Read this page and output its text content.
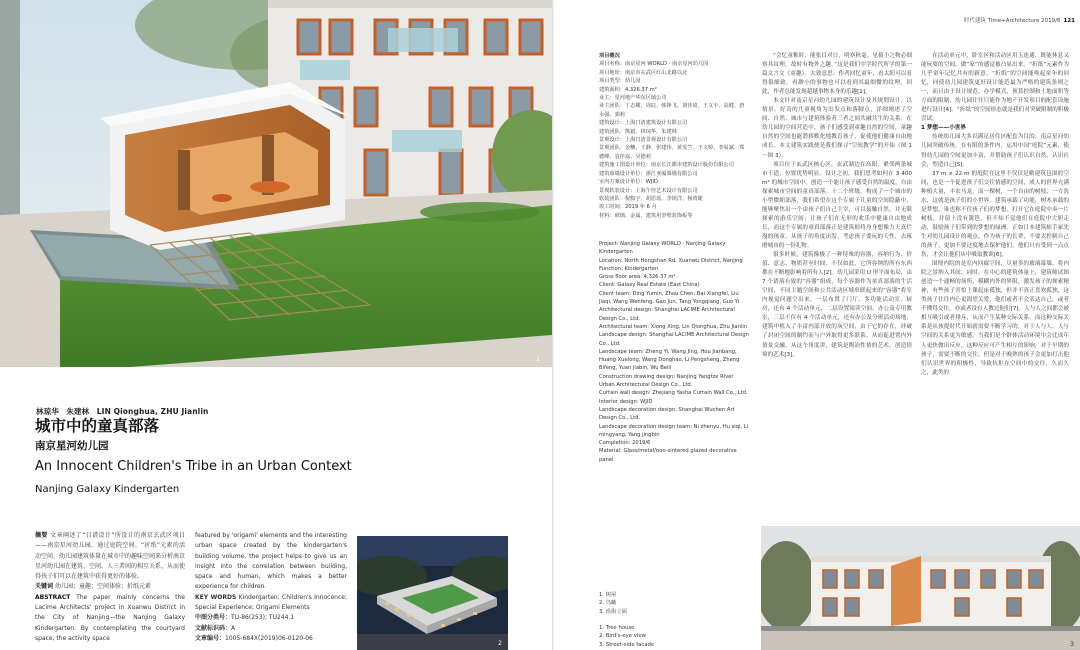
1
林琼华　朱建林　LIN Qionghua, ZHU Jianlin
城市中的童真部落
南京星河幼儿园
An Innocent Children's Tribe in an Urban Context
Nanjing Galaxy Kindergarten
摘要 文章阐述了“目谱设计”所设计的南京玄武区项目——南京星河幼儿园，通过庭院空间、“折纸”元素的活动空间、幼儿园建筑体量在城市中的趣味空间来分析南京星河幼儿园在建筑、空间、人三者间的相互关系，从而使得孩子们可以在建筑中获得更好的体验。
关键词 幼儿园；童趣；空间体验；折纸元素
ABSTRACT The paper mainly concerns the Lacime Architects' project in Xuanwu District in the City of Nanjing—the Nanjing Galaxy Kindergarten. By contemplating the courtyard space, the activity space
featured by 'origami' elements and the interesting urban space created by the kindergarten's building volume, the project helps to give us an insight into the correlation between building, space and human, which makes a better experience for children.
KEY WORDS Kindergarten; Children's Innocence; Special Experience; Origami Elements
中图分类号：TU-86(253); TU244.1
文献标识码：A
文章编号：1005-684X(2019)06-0120-06
2
时代建筑 Time+Architecture 2019/6 121
项目概况
项目名称：南京星河 WORLD · 南京星河幼儿园
项目地址：南京市玄武区红山北路以北
项目类型：幼儿园
建筑面积：4,326.37 m²
业主：星河地产华东区域公司
业主团队：丁志耀、周辰、韩铮飞、刘佳琦、王文丰、高健、唐永强、郭莉
建筑设计：上海日清建筑设计有限公司
建筑团队：熊毅、林琼华、朱建林
景观设计：上海日清景观设计有限公司
景观团队：金穗、王静、张建伟、黄雯竺、王文婷、李易斌、郑德峰、袁佳嵩、吴德莉
建筑施工图设计单位：南京长江都市建筑设计股份有限公司
建筑幕墙设计单位：浙江亚厦幕墙有限公司
室内方案设计单位：WJID
景观软装设计：上海午佳艺术设计有限公司
软装团队：倪黯宇、胡思瑶、李镁洋、杨靖婕
竣工时间：2019 年 6 月
材料：玻璃、金属、建筑用坚壁装饰板等
Project: Nanjing Galaxy WORLD · Nanjing Galaxy Kindergarten
Location: North Hongshan Rd, Xuanwu District, Nanjing
Function: Kindergarten
Gross floor area: 4,326.37 m²
Client: Galaxy Real Estate (East China)
Client team: Ding Yumin, Zhou Chen, Bai Xiangfei, Liu Jiaqi, Wang Wenfeng, Gao Jun, Tang Yongqiang, Guo Yi
Architectural design: Shanghai LACIME Architectural Design Co., Ltd.
Architectural team: Xiong Xing, Lin Qionghua, Zhu Jianlin
Landscape design: Shanghai LACIME Architectural Design Co., Ltd.
Landscape team: Zheng Yi, Wang Jing, Hou Jianbang, Huang Xuelong, Wang Donghao, Li Pengsheng, Zheng Bifeng, Yuan Jiabin, Wu Beili
Construction drawing design: Nanjing Yangtze River Urban Architectural Design Co., Ltd.
Curtain wall design: Zhejiang Yasha Curtain Wall Co., Ltd.
Interior design: WJID
Landscape decoration design: Shanghai Wuchen Art Design Co., Ltd.
Landscape decoration design team: Ni zhenyu, Hu siqi, Li mingyang, Yang jingbin
Completion: 2019/6
Material: Glass/metal/non-sintered glazed decorative panel
1. 树屋
2. 鸟瞰
3. 沿街立面

1. Tree house
2. Bird's-eye view
3. Street-side facade

“会忆童稚时，能张目对日，明察秋毫。见藐小之物必细察其纹理，故时有物外之趣。”这是我们中学时代所学的第一篇文言文《童趣》。大致意思：作者回忆童年，看太阳可以看得很细致，看渺小的事物也可以看到其最细微的纹理，因此，作者总能发现超越事物本身的乐趣[1]。

本文针对南京星河幼儿园的建筑设计及其规划设计，以情景、好奇的儿童视角为出发点和落脚点，详细阐述了空间、自然、城市与建筑体验者三者之间共融共生的关系。在幼儿园的空间营造中，孩子们感受到童趣自然的空间，童趣自然的空间也能潜移默化地教育孩子，促使他们健康自由地成长。本文建筑实践便是我们探寻“空间教学”的开始（图 1～图 3）。

项目位于玄武区核心区，玄武湖边在高阳，紧邻两条城市干道，位置优势明显。设计之初，我们思考如何在 3 400 m² 的城市空间中，创造一个能让孩子感受自然的温度，自由探索城市空间的童真部落。十二个班级，构成了一个城市的小型微缩部落，我们希望在这个专属于儿童的空间隐蔽中，能够聚焦出一个由孩子们自己主宰，可以接触自然，并无限探索的游乐空间；让孩子们在无形的欢乐中健康自由地成长，而这个专属的童真部落正是建筑师将身身想像力天真烂漫的孩童，从孩子的角度出发，考虑孩子要玩的天性，去琢磨城市的一份礼物。

很多时候，建筑像极了一种特殊的容器，容纳行为、价值、意志、物质甚至时间，不仅如此，它所容纳的所有东西都在不断地影响着所有人[2]。幼儿园采用 U 形平面布局，由 7 个错落有致的“容器”组成，每个容器作为童真部落的生活空间，不同主题空间和公共活动区域串联起来的“容器”将室内视觉问题空出来。一层布置了门厅、多功能活动室、厨房，还有 4 个活动单元，二层设置阅读空间、办公及专用教室，三层不仅有 4 个活动单元，还有办公及分班活动场地，建筑中植入了丰富内部开放的灰空间，由于它的存在，冲破了封闭空间的制约而与户外取得更多联系，从而促进置内外情景交融。从这个角度讲，建筑是陶冶性情的艺术，创造情境的艺术[3]。

在活动单元中，卧室区和活动区用玉连通，既能休息又能玩耍的空间，做“家”的感觉被凸显出来。“折纸”元素作为几乎童年记忆共有的新意，“折纸”的空间能唤起童年的回忆，同使幼儿园建筑更好设计能范最为严格的建筑条则之一，而且由于设计规范、办学模式、预算控制和土地面积等方面的限制，幼儿园往往只能作为地产开发项目的配套设施进行设计[4]。“折纸”的空间形态就是我们对突破限制的积极尝试。

1 梦想——小世界

传统幼儿园大多以满足居住区配套为目的，南京星河幼儿园突破传统，在有限的条件内，运用中国“庭院”元素，使得幼儿园的空间更加丰富，并帮助孩子们认识自然，认识社会，塑造自己[5]。

37 m × 22 m 的庭院在这里不仅仅是敞建筑包围的空间，也是一个促进孩子们交往情感的空间，成人的世界充满种植大量，丰农马龙，而一棵树，一个自由的树枝，一方洗水，这就是孩子们的小世界。建筑承载了功能，树木承载的是梦想，谁也称不住孩子们的梦想。打开它在庭院中奏一片树枝，并留上没有篱笆，但不知不觉他们在庭院中大胆走动，鼓励孩子们带到的梦想的绿洲。正如日本建筑师手冢先生对幼儿园设计的观点，作为孩子的长辈，不要去控制自己的孩子，更加不要过度地去保护他们，他们只有受到一点点伤，才会让他们从中吸取教训[6]。

围绕内院的是室内回廊空间，尽量多的玻璃幕墙，将内院之景纳入其间，同时，在中心的建筑体量上，建筑师试图创造一个通畅的场所，模糊内外的界限，激发孩子的探索精神，有些孩子害怕上课起床孤独，但并不真正喜欢孤独，这类孩子往往内心更渴望关爱，他们或者不会表达自己，或者不懂得交往，亦或者没有人教过他们[7]。人与人之间都会被相互吸引或者排斥，从而产生某种交际关系，而这种交际关系是从孩提时代开始就需要不断学习的，对于人与人、人与空间的关系更为敏感。当我们是个群体活动环境中会比成年人更快做出反应，这种反应可产生相互的影响，对于早期的孩子，需要不断的交往，但是对于晚熟的孩子会更加打击他们认识世界的积极性，导致抗拒在空间中的交往，久而久之，此类的

3
